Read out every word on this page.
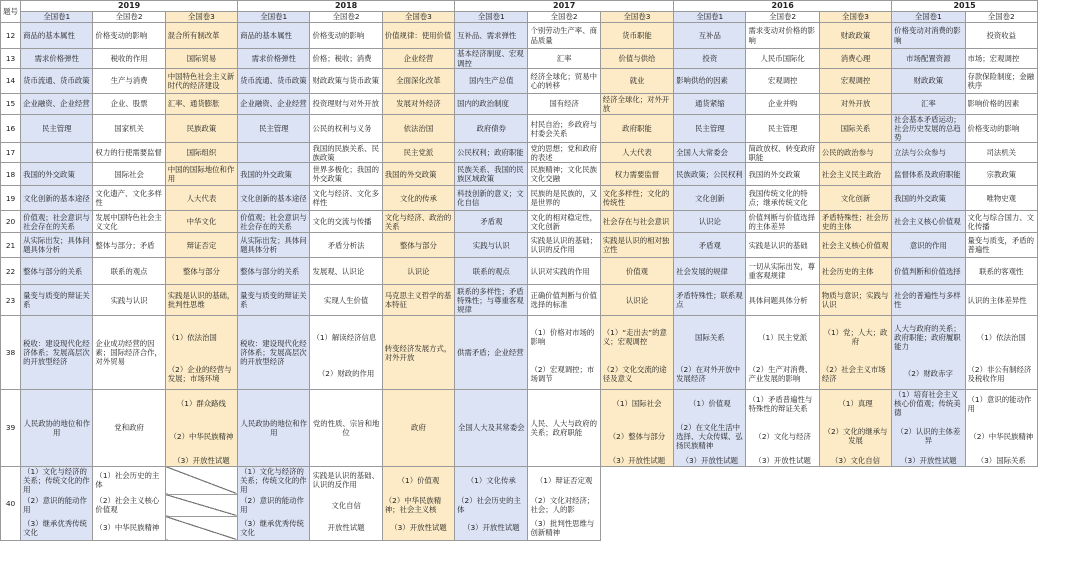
题号	2019			2018			2017			2016			2015	
	全国卷1	全国卷2	全国卷3	全国卷1	全国卷2	全国卷3	全国卷1	全国卷2	全国卷3	全国卷1	全国卷2	全国卷3	全国卷1	全国卷2
12	商品的基本属性	价格变动的影响	混合所有制改革	商品的基本属性	价格变动的影响	价值规律：使用价值	互补品、需求弹性	个别劳动生产率、商品质量	货币职能	互补品	需求变动对价格的影响	财政政策	价格变动对消费的影响	投资收益
13	需求价格弹性	税收的作用	国际贸易	需求价格弹性	价格；税收；消费	企业经营	基本经济制度、宏观调控	汇率	价值与供给	投资	人民币国际化	消费心理	市场配置资源	市场；宏观调控
14	货币流通、货币政策	生产与消费	中国特色社会主义新时代的经济建设	货币流通、货币政策	财政政策与货币政策	全面深化改革	国内生产总值	经济全球化；贸易中心的转移	就业	影响供给的因素	宏观调控	宏观调控	财政政策	存款保险制度；金融秩序
15	企业融资、企业经营	企业、股票	汇率、通货膨胀	企业融资、企业经营	投资理财与对外开放	发展对外经济	国内的政治制度	国有经济	经济全球化；对外开放	通货紧缩	企业并购	对外开放	汇率	影响价格的因素
16	民主管理	国家机关	民族政策	民主管理	公民的权利与义务	依法治国	政府债券	村民自治；乡政府与村委会关系	政府职能	民主管理	民主管理	国际关系	社会基本矛盾运动；社会历史发展的总趋势	价格变动的影响
17		权力的行使需要监督	国际组织		我国的民族关系、民族政策	民主党派	公民权利；政府职能	党的思想；党和政府的表述	人大代表	全国人大常委会	简政放权、转变政府职能	公民的政治参与	立法与公众参与	司法机关
18	我国的外交政策	国际社会	中国的国际地位和作用	我国的外交政策	世界多极化；我国的外交政策	我国的外交政策	民族关系、我国的民族区域政策	民族精神；文化民族文化交融	权力需要监督	民族政策；公民权利	我国的外交政策	社会主义民主政治	监督体系及政府职能	宗教政策
19	文化创新的基本途径	文化遗产、文化多样性	人大代表	文化创新的基本途径	文化与经济、文化多样性	文化的传承	科技创新的意义；文化自信	民族的是民族的，又是世界的	文化多样性；文化的传统性	文化创新	我国传统文化的特点；继承传统文化	文化创新	我国的外交政策	唯物史观
20	价值观；社会意识与社会存在的关系	发展中国特色社会主义文化	中华文化	价值观；社会意识与社会存在的关系	文化的交流与传播	文化与经济、政治的关系	矛盾观	文化的相对稳定性，文化创新	社会存在与社会意识	认识论	价值判断与价值选择的主体差异	矛盾特殊性；社会历史的主体	社会主义核心价值观	文化与综合国力、文化传播
21	从实际出发；具体问题具体分析	整体与部分；矛盾	辩证否定	从实际出发；具体问题具体分析	矛盾分析法	整体与部分	实践与认识	实践是认识的基础；认识的反作用	实践是认识的相对独立性	矛盾观	实践是认识的基础	社会主义核心价值观	意识的作用	量变与质变，矛盾的普遍性
22	整体与部分的关系	联系的观点	整体与部分	整体与部分的关系	发展观、认识论	认识论	联系的观点	认识对实践的作用	价值观	社会发展的规律	一切从实际出发，尊重客观规律	社会历史的主体	价值判断和价值选择	联系的客观性
23	量变与质变的辩证关系	实践与认识	实践是认识的基础，批判性思维	量变与质变的辩证关系	实现人生价值	马克思主义哲学的基本特征	联系的多样性；矛盾特殊性；与尊重客观规律	正确价值判断与价值选择的标准	认识论	矛盾特殊性；联系观点	具体问题具体分析	物质与意识；实践与认识	社会的普遍性与多样性	认识的主体差异性
38	税收：建设现代化经济体系；发展高层次的开放型经济	企业成功经营的因素；国际经济合作，对外贸易	（1）依法治国	税收：建设现代化经济体系；发展高层次的开放型经济	（1）解读经济信息	转变经济发展方式，对外开放	供需矛盾；企业经营	（1）价格对市场的影响	（1）“走出去”的意义；宏观调控	国际关系	（1）民主党派	（1）党；人大；政府	人大与政府的关系；政府职能；政府履职能力	（1）依法治国
			（2）企业的经营与发展；市场环境		（2）财政的作用			（2）宏观调控；市场调节	（2）文化交流的途径及意义	（2）在对外开放中发展经济	（2）生产对消费、产业发展的影响	（2）社会主义市场经济	（2）财政赤字	（2）非公有制经济及税收作用
39	人民政协的地位和作用	党和政府	（1）群众路线	人民政协的地位和作用	党的性质、宗旨和地位	政府	全国人大及其常委会	人民、人大与政府的关系；政府职能	（1）国际社会	（1）价值观	（1）矛盾普遍性与特殊性的辩证关系	（1）真理	（1）培育社会主义核心价值观；传统美德	（1）意识的能动作用
			（2）中华民族精神						（2）整体与部分	（2）在文化生活中选择、大众传媒、弘扬民族精神	（2）文化与经济	（2）文化的继承与发展	（2）认识的主体差异	（2）中华民族精神
			（3）开放性试题						（3）开放性试题	（3）开放性试题	（3）开放性试题	（3）文化自信	（3）开放性试题	（3）国际关系
40	（1）文化与经济的关系；传统文化的作用	（1）社会历史的主体		（1）文化与经济的关系；传统文化的作用	实践是认识的基础、认识的反作用	（1）价值观	（1）文化传承	（1）辩证否定观						
	（2）意识的能动作用	（2）社会主义核心价值观		（2）意识的能动作用	文化自信	（2）中华民族精神；社会主义核	（2）社会历史的主体	（2）文化对经济；社会；人的影						
	（3）继承优秀传统文化	（3）中华民族精神		（3）继承优秀传统文化	开放性试题	（3）开放性试题	（3）开放性试题	（3）批判性思维与创新精神						
